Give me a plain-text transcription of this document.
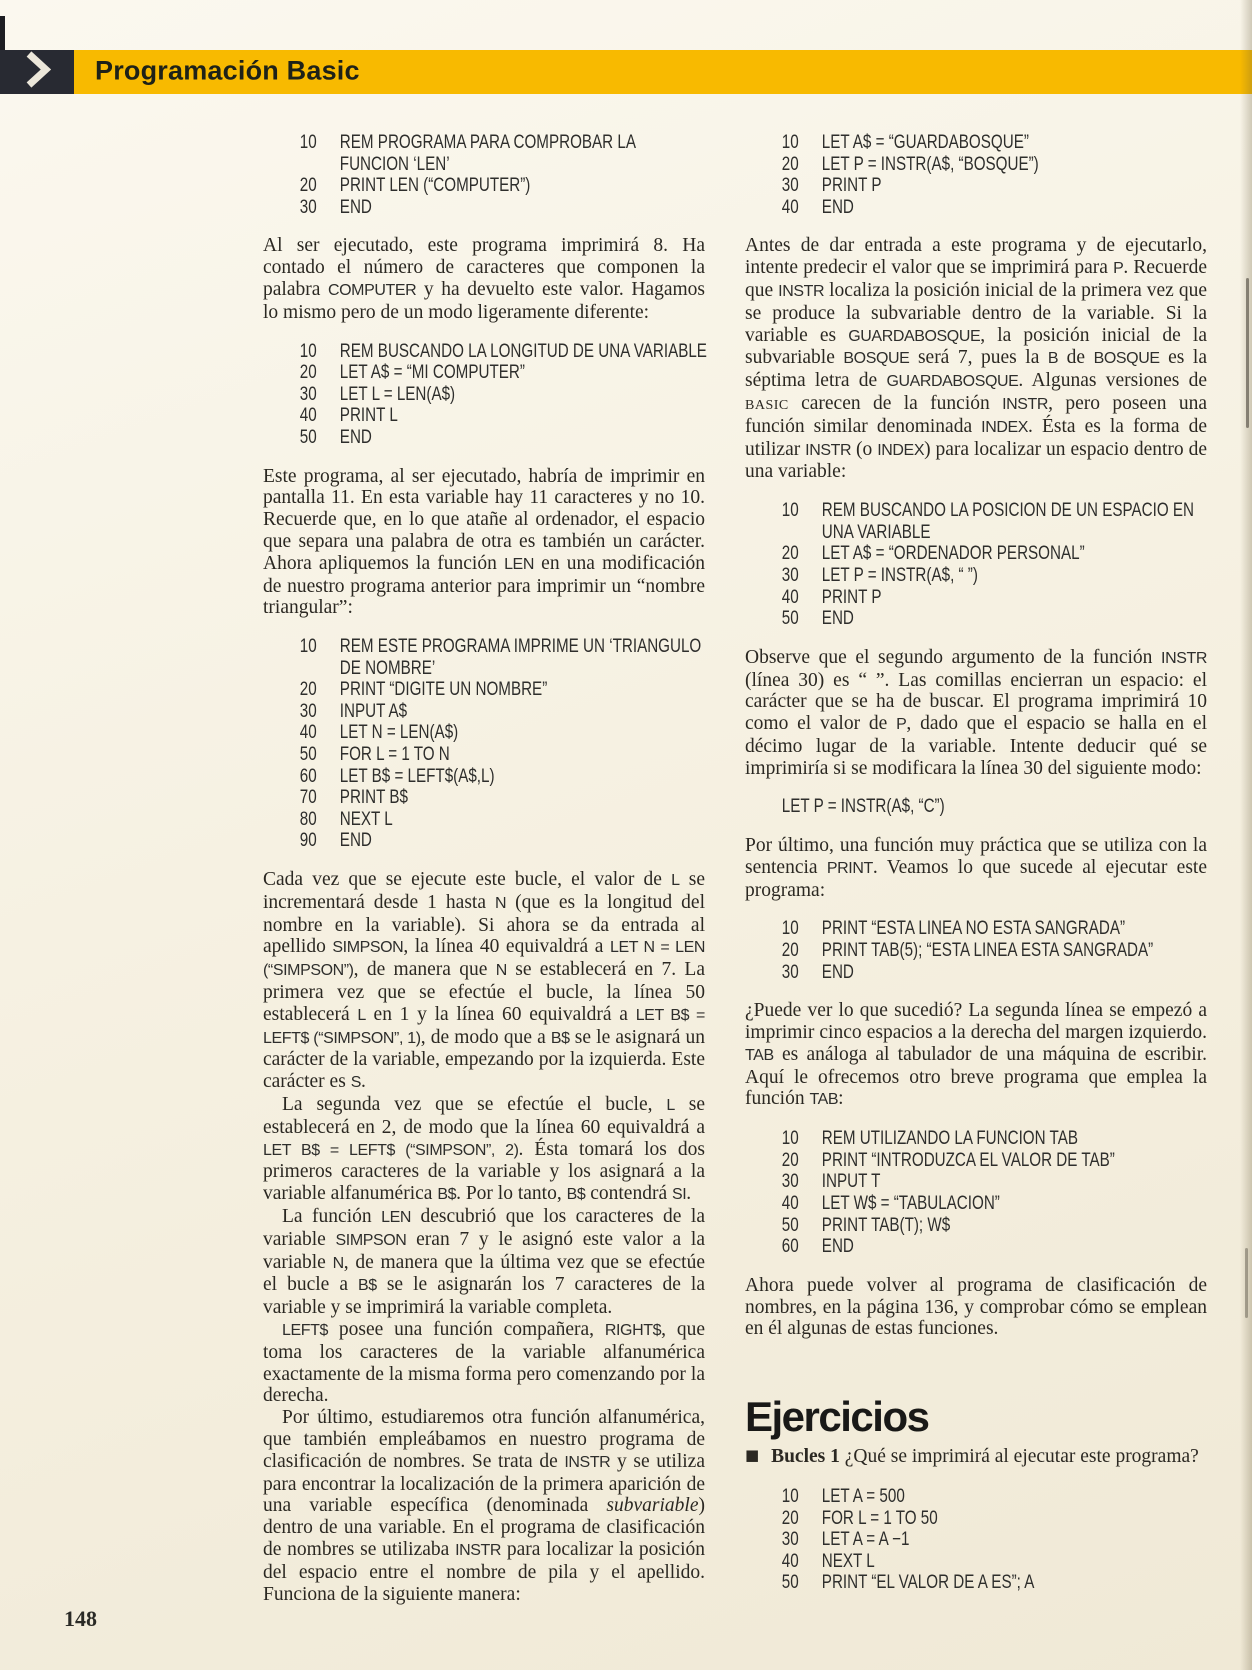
Programación Basic
10	REM PROGRAMA PARA COMPROBAR LA
FUNCION ‘LEN’
20	PRINT LEN (“COMPUTER”)
30	END

Al ser ejecutado, este programa imprimirá 8. Ha contado el número de caracteres que componen la palabra COMPUTER y ha devuelto este valor. Hagamos lo mismo pero de un modo ligeramente diferente:

10	REM BUSCANDO LA LONGITUD DE UNA VARIABLE
20	LET A$ = “MI COMPUTER”
30	LET L = LEN(A$)
40	PRINT L
50	END

Este programa, al ser ejecutado, habría de imprimir en pantalla 11. En esta variable hay 11 caracteres y no 10. Recuerde que, en lo que atañe al ordenador, el espacio que separa una palabra de otra es también un carácter. Ahora apliquemos la función LEN en una modificación de nuestro programa anterior para imprimir un “nombre triangular”:

10	REM ESTE PROGRAMA IMPRIME UN ‘TRIANGULO
DE NOMBRE’
20	PRINT “DIGITE UN NOMBRE”
30	INPUT A$
40	LET N = LEN(A$)
50	FOR L = 1 TO N
60	LET B$ = LEFT$(A$,L)
70	PRINT B$
80	NEXT L
90	END

Cada vez que se ejecute este bucle, el valor de L se incrementará desde 1 hasta N (que es la longitud del nombre en la variable). Si ahora se da entrada al apellido SIMPSON, la línea 40 equivaldrá a LET N = LEN (“SIMPSON”), de manera que N se establecerá en 7. La primera vez que se efectúe el bucle, la línea 50 establecerá L en 1 y la línea 60 equivaldrá a LET B$ = LEFT$ (“SIMPSON”, 1), de modo que a B$ se le asignará un carácter de la variable, empezando por la izquierda. Este carácter es S.

La segunda vez que se efectúe el bucle, L se establecerá en 2, de modo que la línea 60 equivaldrá a LET B$ = LEFT$ (“SIMPSON”, 2). Ésta tomará los dos primeros caracteres de la variable y los asignará a la variable alfanumérica B$. Por lo tanto, B$ contendrá SI.

La función LEN descubrió que los caracteres de la variable SIMPSON eran 7 y le asignó este valor a la variable N, de manera que la última vez que se efectúe el bucle a B$ se le asignarán los 7 caracteres de la variable y se imprimirá la variable completa.

LEFT$ posee una función compañera, RIGHT$, que toma los caracteres de la variable alfanumérica exactamente de la misma forma pero comenzando por la derecha.

Por último, estudiaremos otra función alfanumérica, que también empleábamos en nuestro programa de clasificación de nombres. Se trata de INSTR y se utiliza para encontrar la localización de la primera aparición de una variable específica (denominada subvariable) dentro de una variable. En el programa de clasificación de nombres se utilizaba INSTR para localizar la posición del espacio entre el nombre de pila y el apellido. Funciona de la siguiente manera:

10	LET A$ = “GUARDABOSQUE”
20	LET P = INSTR(A$, “BOSQUE”)
30	PRINT P
40	END

Antes de dar entrada a este programa y de ejecutarlo, intente predecir el valor que se imprimirá para P. Recuerde que INSTR localiza la posición inicial de la primera vez que se produce la subvariable dentro de la variable. Si la variable es GUARDABOSQUE, la posición inicial de la subvariable BOSQUE será 7, pues la B de BOSQUE es la séptima letra de GUARDABOSQUE. Algunas versiones de basic carecen de la función INSTR, pero poseen una función similar denominada INDEX. Ésta es la forma de utilizar INSTR (o INDEX) para localizar un espacio dentro de una variable:

10	REM BUSCANDO LA POSICION DE UN ESPACIO EN
UNA VARIABLE
20	LET A$ = “ORDENADOR PERSONAL”
30	LET P = INSTR(A$, “ ”)
40	PRINT P
50	END

Observe que el segundo argumento de la función INSTR (línea 30) es “ ”. Las comillas encierran un espacio: el carácter que se ha de buscar. El programa imprimirá 10 como el valor de P, dado que el espacio se halla en el décimo lugar de la variable. Intente deducir qué se imprimiría si se modificara la línea 30 del siguiente modo:

LET P = INSTR(A$, “C”)

Por último, una función muy práctica que se utiliza con la sentencia PRINT. Veamos lo que sucede al ejecutar este programa:

10	PRINT “ESTA LINEA NO ESTA SANGRADA”
20	PRINT TAB(5); “ESTA LINEA ESTA SANGRADA”
30	END

¿Puede ver lo que sucedió? La segunda línea se empezó a imprimir cinco espacios a la derecha del margen izquierdo. TAB es análoga al tabulador de una máquina de escribir. Aquí le ofrecemos otro breve programa que emplea la función TAB:

10	REM UTILIZANDO LA FUNCION TAB
20	PRINT “INTRODUZCA EL VALOR DE TAB”
30	INPUT T
40	LET W$ = “TABULACION”
50	PRINT TAB(T); W$
60	END

Ahora puede volver al programa de clasificación de nombres, en la página 136, y comprobar cómo se emplean en él algunas de estas funciones.

Ejercicios

■ Bucles 1 ¿Qué se imprimirá al ejecutar este programa?

10	LET A = 500
20	FOR L = 1 TO 50
30	LET A = A −1
40	NEXT L
50	PRINT “EL VALOR DE A ES”; A
148
